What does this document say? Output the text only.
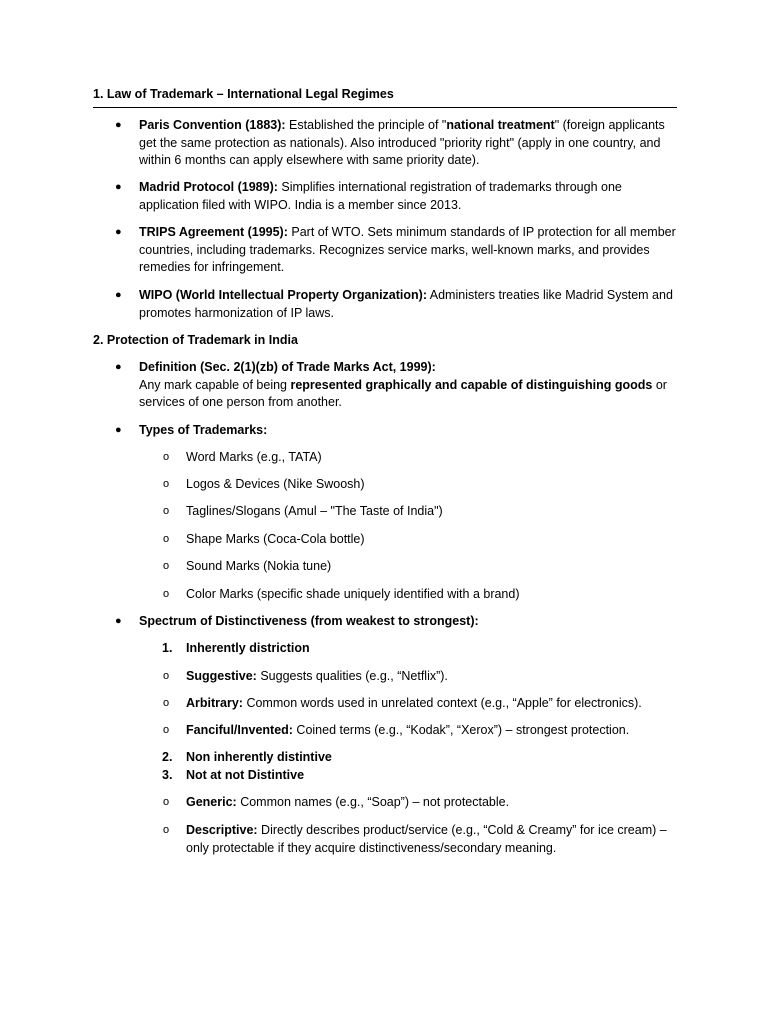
1. Law of Trademark – International Legal Regimes
● Paris Convention (1883): Established the principle of "national treatment" (foreign applicants get the same protection as nationals). Also introduced "priority right" (apply in one country, and within 6 months can apply elsewhere with same priority date).
● Madrid Protocol (1989): Simplifies international registration of trademarks through one application filed with WIPO. India is a member since 2013.
● TRIPS Agreement (1995): Part of WTO. Sets minimum standards of IP protection for all member countries, including trademarks. Recognizes service marks, well-known marks, and provides remedies for infringement.
● WIPO (World Intellectual Property Organization): Administers treaties like Madrid System and promotes harmonization of IP laws.
2. Protection of Trademark in India
● Definition (Sec. 2(1)(zb) of Trade Marks Act, 1999):
Any mark capable of being represented graphically and capable of distinguishing goods or services of one person from another.
● Types of Trademarks:
o Word Marks (e.g., TATA)
o Logos & Devices (Nike Swoosh)
o Taglines/Slogans (Amul – "The Taste of India")
o Shape Marks (Coca-Cola bottle)
o Sound Marks (Nokia tune)
o Color Marks (specific shade uniquely identified with a brand)
● Spectrum of Distinctiveness (from weakest to strongest):
1. Inherently distriction
o Suggestive: Suggests qualities (e.g., “Netflix”).
o Arbitrary: Common words used in unrelated context (e.g., “Apple” for electronics).
o Fanciful/Invented: Coined terms (e.g., “Kodak”, “Xerox”) – strongest protection.
2. Non inherently distintive
3. Not at not Distintive
o Generic: Common names (e.g., “Soap”) – not protectable.
o Descriptive: Directly describes product/service (e.g., “Cold & Creamy” for ice cream) – only protectable if they acquire distinctiveness/secondary meaning.
